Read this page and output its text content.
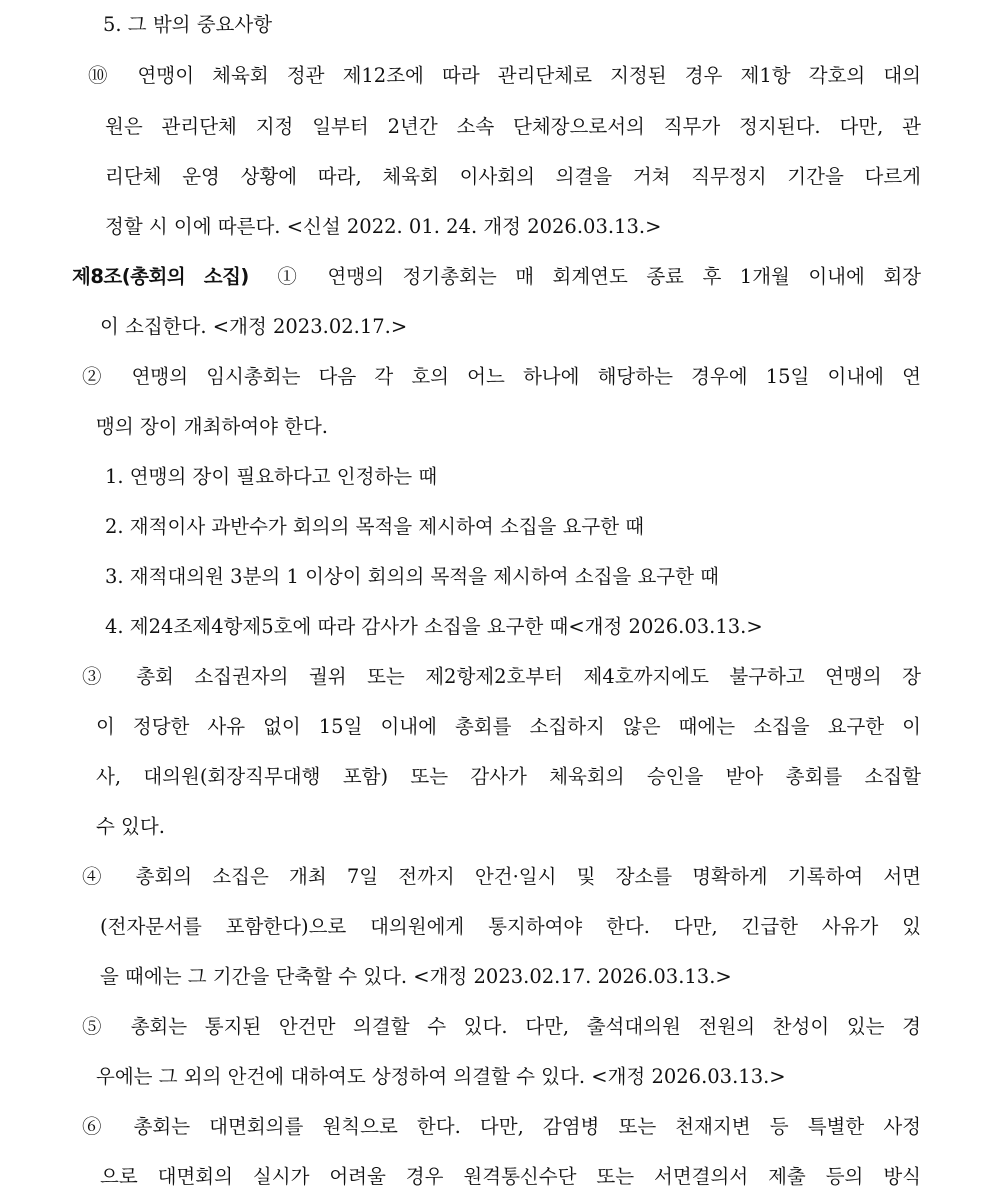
5. 그 밖의 중요사항
⑩ 연맹이 체육회 정관 제12조에 따라 관리단체로 지정된 경우 제1항 각호의 대의
원은 관리단체 지정 일부터 2년간 소속 단체장으로서의 직무가 정지된다. 다만, 관
리단체 운영 상황에 따라, 체육회 이사회의 의결을 거쳐 직무정지 기간을 다르게
정할 시 이에 따른다. <신설 2022. 01. 24. 개정 2026.03.13.>
제8조(총회의 소집) ① 연맹의 정기총회는 매 회계연도 종료 후 1개월 이내에 회장
이 소집한다. <개정 2023.02.17.>
② 연맹의 임시총회는 다음 각 호의 어느 하나에 해당하는 경우에 15일 이내에 연
맹의 장이 개최하여야 한다.
1. 연맹의 장이 필요하다고 인정하는 때
2. 재적이사 과반수가 회의의 목적을 제시하여 소집을 요구한 때
3. 재적대의원 3분의 1 이상이 회의의 목적을 제시하여 소집을 요구한 때
4. 제24조제4항제5호에 따라 감사가 소집을 요구한 때<개정 2026.03.13.>
③ 총회 소집권자의 궐위 또는 제2항제2호부터 제4호까지에도 불구하고 연맹의 장
이 정당한 사유 없이 15일 이내에 총회를 소집하지 않은 때에는 소집을 요구한 이
사, 대의원(회장직무대행 포함) 또는 감사가 체육회의 승인을 받아 총회를 소집할
수 있다.
④ 총회의 소집은 개최 7일 전까지 안건·일시 및 장소를 명확하게 기록하여 서면
(전자문서를 포함한다)으로 대의원에게 통지하여야 한다. 다만, 긴급한 사유가 있
을 때에는 그 기간을 단축할 수 있다. <개정 2023.02.17. 2026.03.13.>
⑤ 총회는 통지된 안건만 의결할 수 있다. 다만, 출석대의원 전원의 찬성이 있는 경
우에는 그 외의 안건에 대하여도 상정하여 의결할 수 있다. <개정 2026.03.13.>
⑥ 총회는 대면회의를 원칙으로 한다. 다만, 감염병 또는 천재지변 등 특별한 사정
으로 대면회의 실시가 어려울 경우 원격통신수단 또는 서면결의서 제출 등의 방식
